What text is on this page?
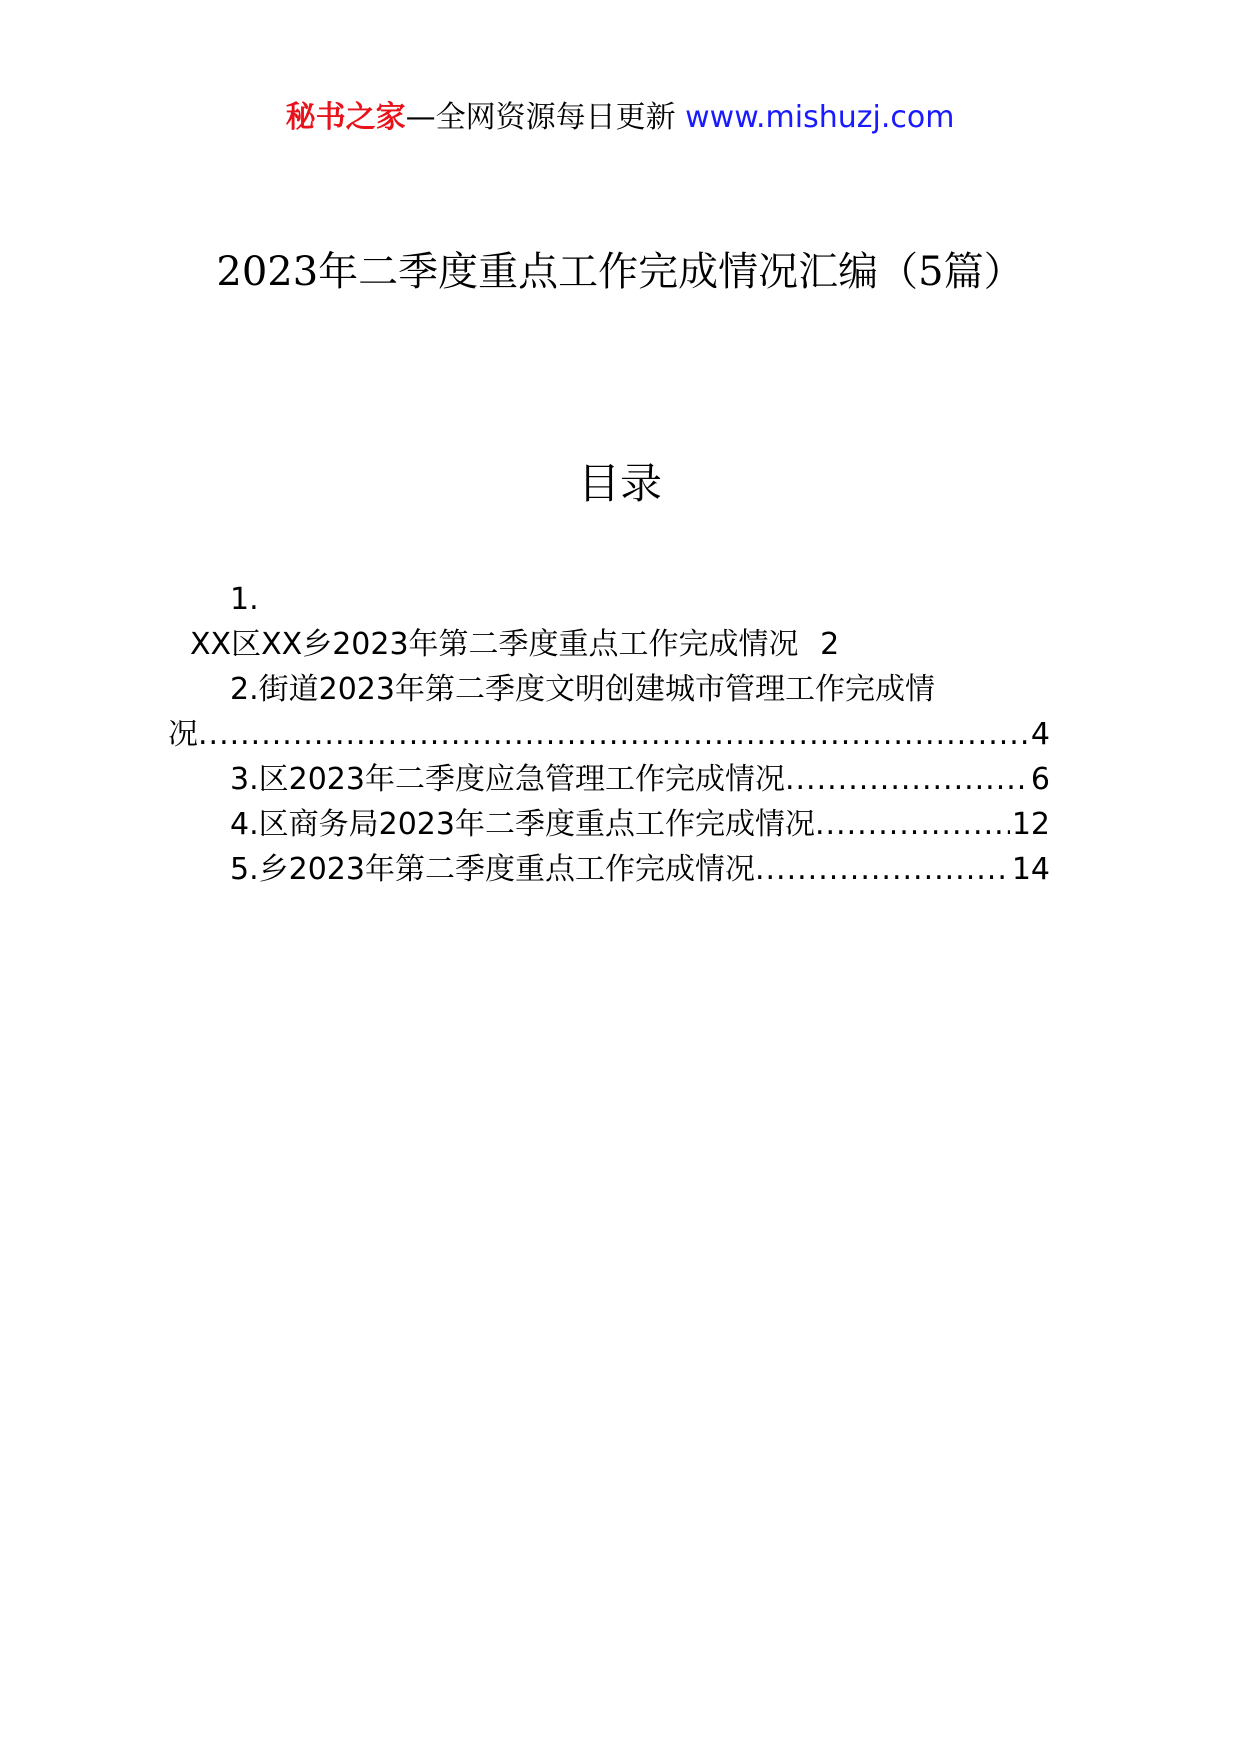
秘书之家—全网资源每日更新 www.mishuzj.com
2023年二季度重点工作完成情况汇编（5篇）
目录
1.
XX区XX乡2023年第二季度重点工作完成情况 2
2.街道2023年第二季度文明创建城市管理工作完成情
况 .....	4
3. 区2023年二季度应急管理工作完成情况 .....	6
4. 区商务局2023年二季度重点工作完成情况 .....	12
5. 乡2023年第二季度重点工作完成情况 .....	14
